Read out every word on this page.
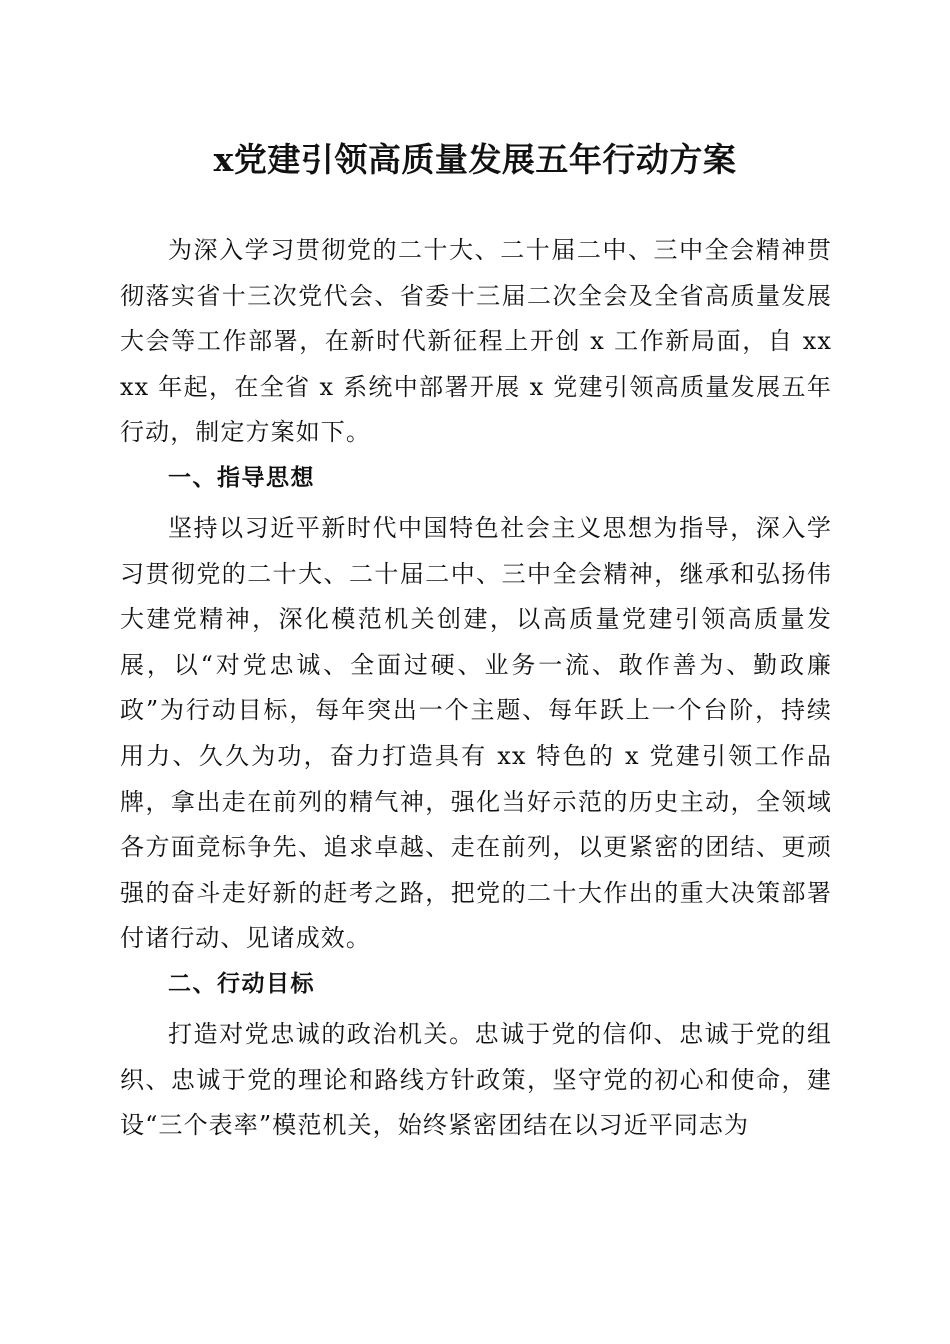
x党建引领高质量发展五年行动方案

为深入学习贯彻党的二十大、二十届二中、三中全会精神贯彻落实省十三次党代会、省委十三届二次全会及全省高质量发展大会等工作部署，在新时代新征程上开创 x 工作新局面，自 xxxx 年起，在全省 x 系统中部署开展 x 党建引领高质量发展五年行动，制定方案如下。

一、指导思想

坚持以习近平新时代中国特色社会主义思想为指导，深入学习贯彻党的二十大、二十届二中、三中全会精神，继承和弘扬伟大建党精神，深化模范机关创建，以高质量党建引领高质量发展，以“对党忠诚、全面过硬、业务一流、敢作善为、勤政廉政”为行动目标，每年突出一个主题、每年跃上一个台阶，持续用力、久久为功，奋力打造具有 xx 特色的 x 党建引领工作品牌，拿出走在前列的精气神，强化当好示范的历史主动，全领域各方面竞标争先、追求卓越、走在前列，以更紧密的团结、更顽强的奋斗走好新的赶考之路，把党的二十大作出的重大决策部署付诸行动、见诸成效。

二、行动目标

打造对党忠诚的政治机关。忠诚于党的信仰、忠诚于党的组织、忠诚于党的理论和路线方针政策，坚守党的初心和使命，建设“三个表率”模范机关，始终紧密团结在以习近平同志为
